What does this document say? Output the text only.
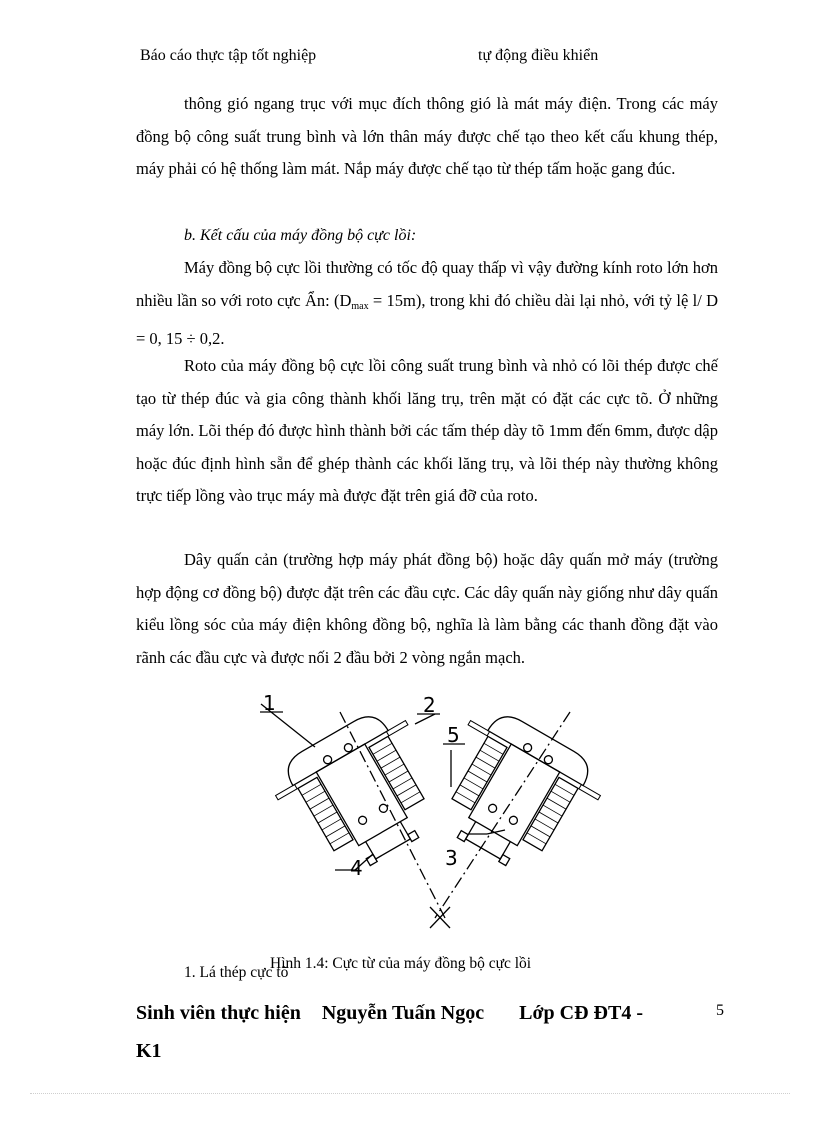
Báo cáo thực tập tốt nghiệp	tự động điều khiển
thông gió ngang trục với mục đích thông gió là mát máy điện. Trong các máy đồng bộ công suất trung bình và lớn thân máy được chế tạo theo kết cấu khung thép, máy phải có hệ thống làm mát. Nắp máy được chế tạo từ thép tấm hoặc gang đúc.
b. Kết cấu của máy đồng bộ cực lồi:
Máy đồng bộ cực lồi thường có tốc độ quay thấp vì vậy đường kính roto lớn hơn nhiều lần so với roto cực Ẩn: $(D_{max} = 15m)$, trong khi đó chiều dài lại nhỏ, với tỷ lệ l/ D = 0, 15 ÷ 0,2.
Roto của máy đồng bộ cực lồi công suất trung bình và nhỏ có lõi thép được chế tạo từ thép đúc và gia công thành khối lăng trụ, trên mặt có đặt các cực tõ. Ở những máy lớn. Lõi thép đó được hình thành bởi các tấm thép dày tõ 1mm đến 6mm, được dập hoặc đúc định hình sẵn để ghép thành các khối lăng trụ, và lõi thép này thường không trực tiếp lồng vào trục máy mà được đặt trên giá đỡ của roto.
Dây quấn cản (trường hợp máy phát đồng bộ) hoặc dây quấn mở máy (trường hợp động cơ đồng bộ) được đặt trên các đầu cực. Các dây quấn này giống như dây quấn kiểu lồng sóc của máy điện không đồng bộ, nghĩa là làm bằng các thanh đồng đặt vào rãnh các đầu cực và được nối 2 đầu bởi 2 vòng ngắn mạch.
1	2
3
4
5
Hình 1.4: Cực từ của máy đồng bộ cực lồi
1. Lá thép cực tõ
Sinh viên thực hiện Nguyễn Tuấn Ngọc Lớp CĐ ĐT4 -
K1
5
